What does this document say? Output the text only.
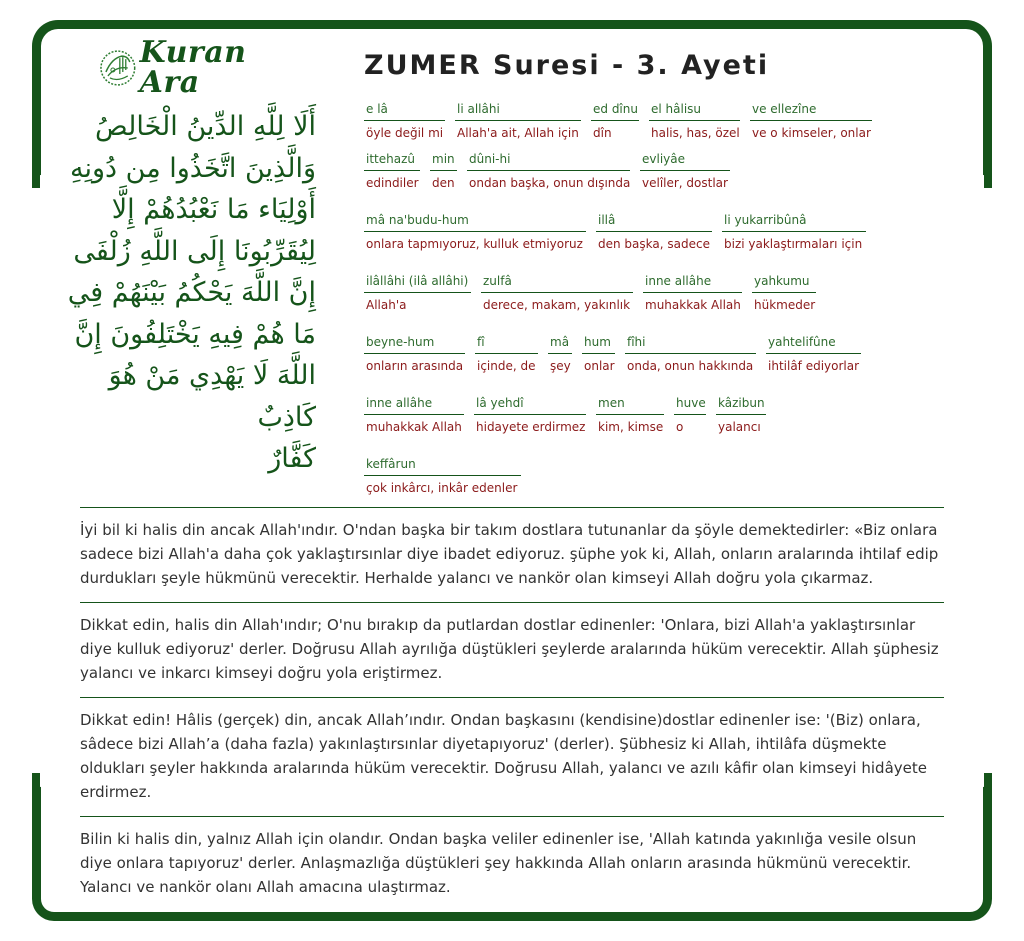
Kuran Ara
أَلَا لِلَّهِ الدِّينُ الْخَالِصُ
وَالَّذِينَ اتَّخَذُوا مِن دُونِهِ
أَوْلِيَاء مَا نَعْبُدُهُمْ إِلَّا
لِيُقَرِّبُونَا إِلَى اللَّهِ زُلْفَى
إِنَّ اللَّهَ يَحْكُمُ بَيْنَهُمْ فِي
مَا هُمْ فِيهِ يَخْتَلِفُونَ إِنَّ
اللَّهَ لَا يَهْدِي مَنْ هُوَ كَاذِبٌ
كَفَّارٌ
ZUMER Suresi - 3. Ayeti
e lâ
öyle değil mi
li allâhi
Allah'a ait, Allah için
ed dînu
dîn
el hâlisu
halis, has, özel
ve ellezîne
ve o kimseler, onlar
ittehazû
edindiler
min
den
dûni-hi
ondan başka, onun dışında
evliyâe
velîler, dostlar
mâ na'budu-hum
onlara tapmıyoruz, kulluk etmiyoruz
illâ
den başka, sadece
li yukarribûnâ
bizi yaklaştırmaları için
ilâllâhi (ilâ allâhi)
Allah'a
zulfâ
derece, makam, yakınlık
inne allâhe
muhakkak Allah
yahkumu
hükmeder
beyne-hum
onların arasında
fî
içinde, de
mâ
şey
hum
onlar
fîhi
onda, onun hakkında
yahtelifûne
ihtilâf ediyorlar
inne allâhe
muhakkak Allah
lâ yehdî
hidayete erdirmez
men
kim, kimse
huve
o
kâzibun
yalancı
keffârun
çok inkârcı, inkâr edenler

İyi bil ki halis din ancak Allah'ındır. O'ndan başka bir takım dostlara tutunanlar da şöyle demektedirler: «Biz onlara sadece bizi Allah'a daha çok yaklaştırsınlar diye ibadet ediyoruz. şüphe yok ki, Allah, onların aralarında ihtilaf edip durdukları şeyle hükmünü verecektir. Herhalde yalancı ve nankör olan kimseyi Allah doğru yola çıkarmaz.

Dikkat edin, halis din Allah'ındır; O'nu bırakıp da putlardan dostlar edinenler: 'Onlara, bizi Allah'a yaklaştırsınlar diye kulluk ediyoruz' derler. Doğrusu Allah ayrılığa düştükleri şeylerde aralarında hüküm verecektir. Allah şüphesiz yalancı ve inkarcı kimseyi doğru yola eriştirmez.

Dikkat edin! Hâlis (gerçek) din, ancak Allah’ındır. Ondan başkasını (kendisine)dostlar edinenler ise: '(Biz) onlara, sâdece bizi Allah’a (daha fazla) yakınlaştırsınlar diyetapıyoruz' (derler). Şübhesiz ki Allah, ihtilâfa düşmekte oldukları şeyler hakkında aralarında hüküm verecektir. Doğrusu Allah, yalancı ve azılı kâfir olan kimseyi hidâyete erdirmez.

Bilin ki halis din, yalnız Allah için olandır. Ondan başka veliler edinenler ise, 'Allah katında yakınlığa vesile olsun diye onlara tapıyoruz' derler. Anlaşmazlığa düştükleri şey hakkında Allah onların arasında hükmünü verecektir. Yalancı ve nankör olanı Allah amacına ulaştırmaz.
